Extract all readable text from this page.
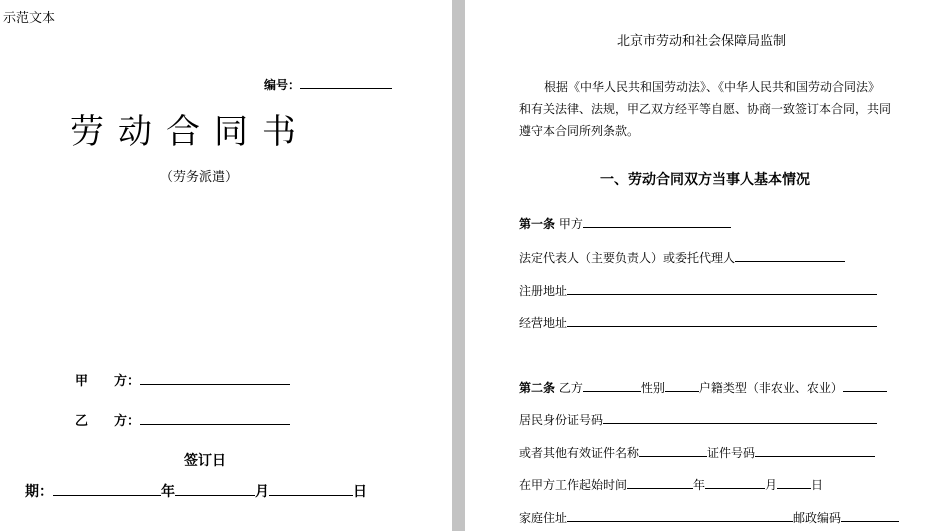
示范文本
编号：
劳动合同书
（劳务派遣）
甲　　方：
乙　　方：
签订日
期：	年	月	日
北京市劳动和社会保障局监制
根据《中华人民共和国劳动法》、《中华人民共和国劳动合同法》
和有关法律、法规，甲乙双方经平等自愿、协商一致签订本合同，共同
遵守本合同所列条款。
一、劳动合同双方当事人基本情况
第一条 甲方
法定代表人（主要负责人）或委托代理人
注册地址
经营地址
第二条 乙方	性别	户籍类型（非农业、农业）
居民身份证号码
或者其他有效证件名称	证件号码
在甲方工作起始时间	年	月	日
家庭住址	邮政编码
